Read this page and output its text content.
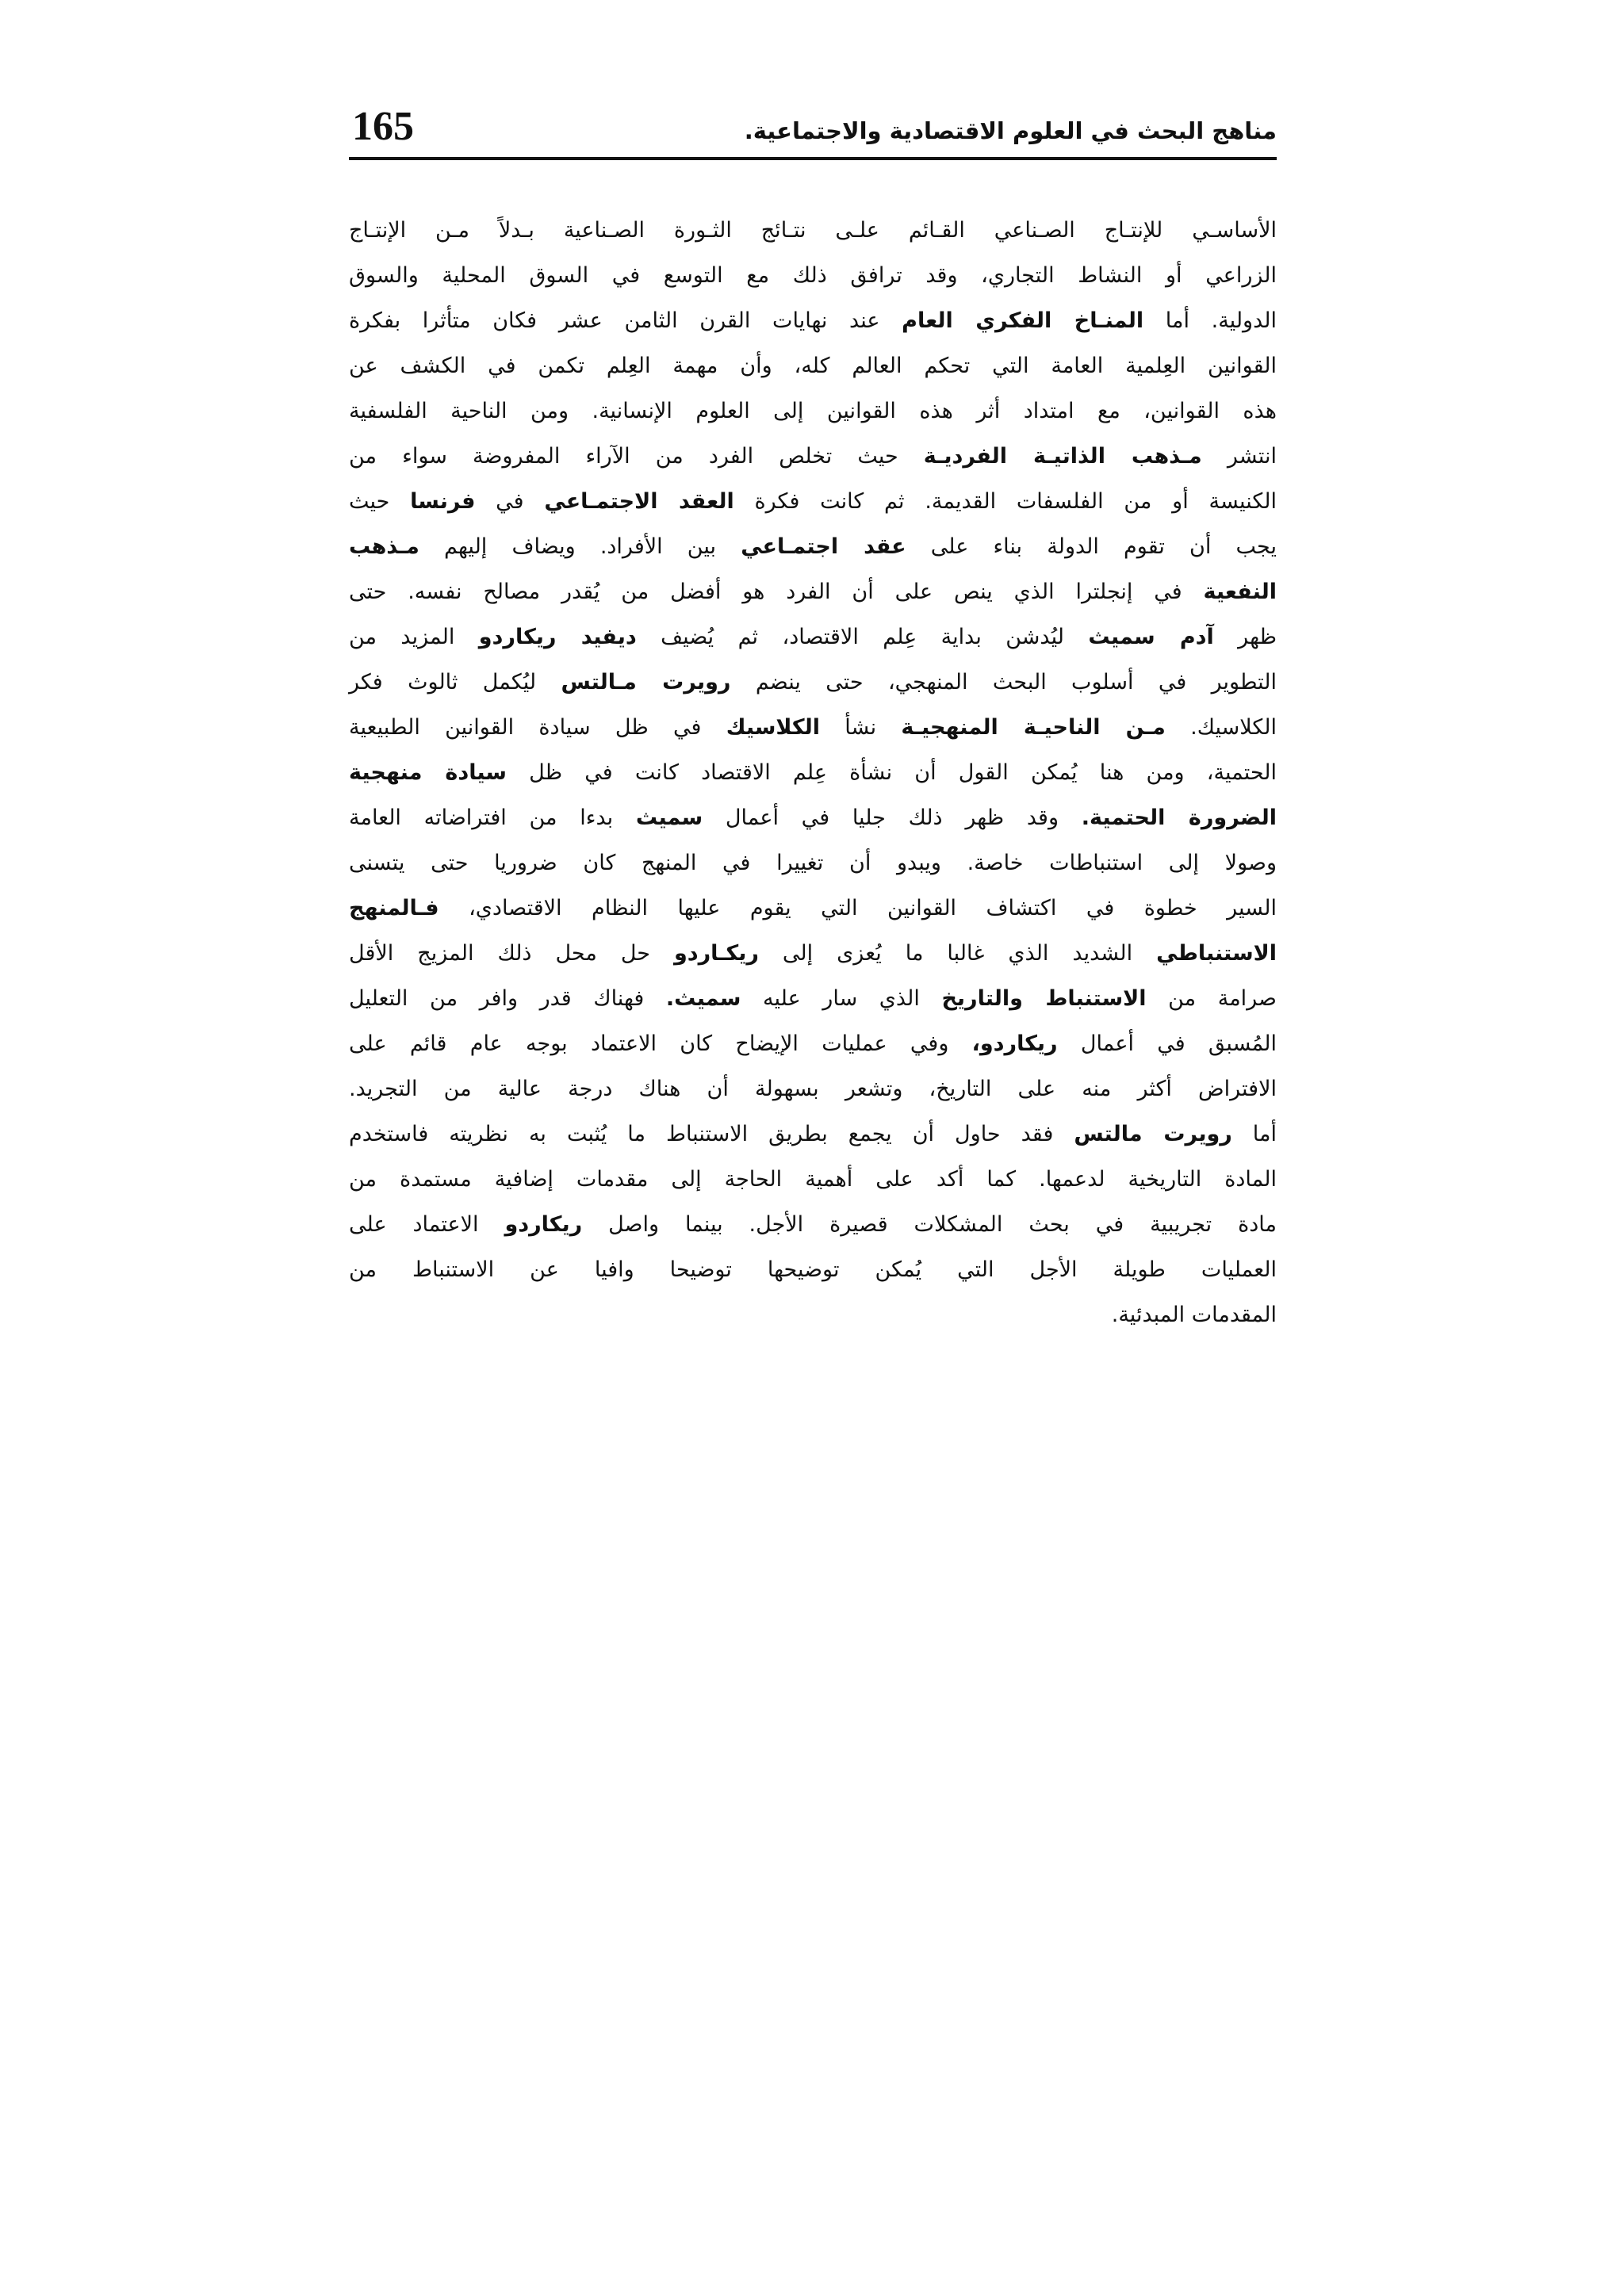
مناهج البحث في العلوم الاقتصادية والاجتماعية.
165
الأساسـي للإنتـاج الصـناعي القـائم علـى نتـائج الثـورة الصـناعية بـدلاً مـن الإنتـاج
الزراعي أو النشاط التجاري، وقد ترافق ذلك مع التوسع في السوق المحلية والسوق
الدولية. أما المنـاخ الفكري العام عند نهايات القرن الثامن عشر فكان متأثرا بفكرة
القوانين العِلمية العامة التي تحكم العالم كله، وأن مهمة العِلم تكمن في الكشف عن
هذه القوانين، مع امتداد أثر هذه القوانين إلى العلوم الإنسانية. ومن الناحية الفلسفية
انتشر مـذهب الذاتيـة الفرديـة حيث تخلص الفرد من الآراء المفروضة سواء من
الكنيسة أو من الفلسفات القديمة. ثم كانت فكرة العقد الاجتمـاعي في فرنسا حيث
يجب أن تقوم الدولة بناء على عقد اجتمـاعي بين الأفراد. ويضاف إليهم مـذهب
النفعية في إنجلترا الذي ينص على أن الفرد هو أفضل من يُقدر مصالح نفسه. حتى
ظهر آدم سميث ليُدشن بداية عِلم الاقتصاد، ثم يُضيف ديفيد ريكاردو المزيد من
التطوير في أسلوب البحث المنهجي، حتى ينضم رويرت مـالتس ليُكمل ثالوث فكر
الكلاسيك. مـن الناحيـة المنهجيـة نشأ الكلاسيك في ظل سيادة القوانين الطبيعية
الحتمية، ومن هنا يُمكن القول أن نشأة عِلم الاقتصاد كانت في ظل سيادة منهجية
الضرورة الحتمية. وقد ظهر ذلك جليا في أعمال سميث بدءا من افتراضاته العامة
وصولا إلى استنباطات خاصة. ويبدو أن تغييرا في المنهج كان ضروريا حتى يتسنى
السير خطوة في اكتشاف القوانين التي يقوم عليها النظام الاقتصادي، فـالمنهج
الاستنباطي الشديد الذي غالبا ما يُعزى إلى ريكـاردو حل محل ذلك المزيج الأقل
صرامة من الاستنباط والتاريخ الذي سار عليه سميث. فهناك قدر وافر من التعليل
المُسبق في أعمال ريكاردو، وفي عمليات الإيضاح كان الاعتماد بوجه عام قائم على
الافتراض أكثر منه على التاريخ، وتشعر بسهولة أن هناك درجة عالية من التجريد.
أما رويرت مالتس فقد حاول أن يجمع بطريق الاستنباط ما يُثبت به نظريته فاستخدم
المادة التاريخية لدعمها. كما أكد على أهمية الحاجة إلى مقدمات إضافية مستمدة من
مادة تجريبية في بحث المشكلات قصيرة الأجل. بينما واصل ريكاردو الاعتماد على
العمليات طويلة الأجل التي يُمكن توضيحها توضيحا وافيا عن الاستنباط من
المقدمات المبدئية.
